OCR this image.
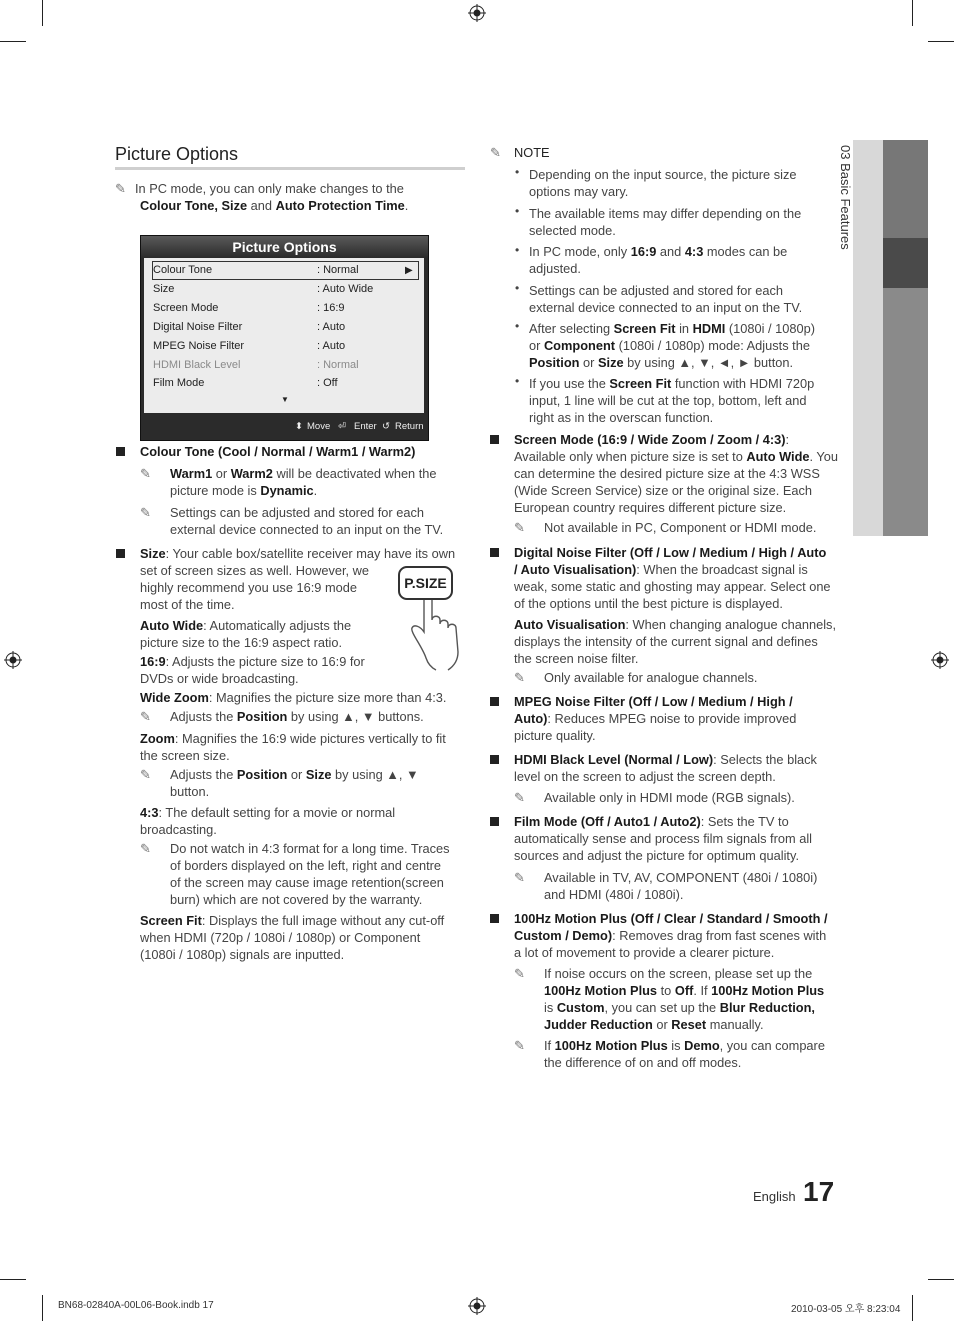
03 Basic Features
Picture Options
✎ In PC mode, you can only make changes to the
Colour Tone, Size and Auto Protection Time.
Picture Options
Colour Tone	: Normal	▶
Size	: Auto Wide
Screen Mode	: 16:9
Digital Noise Filter	: Auto
MPEG Noise Filter	: Auto
HDMI Black Level	: Normal
Film Mode	: Off
▼
⬍ Move ⏎ Enter ↺ Return
Colour Tone (Cool / Normal / Warm1 / Warm2)
✎ Warm1 or Warm2 will be deactivated when the
picture mode is Dynamic.
✎ Settings can be adjusted and stored for each
external device connected to an input on the TV.
Size: Your cable box/satellite receiver may have its own
set of screen sizes as well. However, we
highly recommend you use 16:9 mode
most of the time.
P.SIZE
Auto Wide: Automatically adjusts the
picture size to the 16:9 aspect ratio.
16:9: Adjusts the picture size to 16:9 for
DVDs or wide broadcasting.
Wide Zoom: Magnifies the picture size more than 4:3.
✎ Adjusts the Position by using ▲, ▼ buttons.
Zoom: Magnifies the 16:9 wide pictures vertically to fit
the screen size.
✎ Adjusts the Position or Size by using ▲, ▼
button.
4:3: The default setting for a movie or normal
broadcasting.
✎ Do not watch in 4:3 format for a long time. Traces
of borders displayed on the left, right and centre
of the screen may cause image retention(screen
burn) which are not covered by the warranty.
Screen Fit: Displays the full image without any cut-off
when HDMI (720p / 1080i / 1080p) or Component
(1080i / 1080p) signals are inputted.
✎ NOTE
• Depending on the input source, the picture size
options may vary.
• The available items may differ depending on the
selected mode.
• In PC mode, only 16:9 and 4:3 modes can be
adjusted.
• Settings can be adjusted and stored for each
external device connected to an input on the TV.
• After selecting Screen Fit in HDMI (1080i / 1080p)
or Component (1080i / 1080p) mode: Adjusts the
Position or Size by using ▲, ▼, ◄, ► button.
• If you use the Screen Fit function with HDMI 720p
input, 1 line will be cut at the top, bottom, left and
right as in the overscan function.
Screen Mode (16:9 / Wide Zoom / Zoom / 4:3):
Available only when picture size is set to Auto Wide. You
can determine the desired picture size at the 4:3 WSS
(Wide Screen Service) size or the original size. Each
European country requires different picture size.
✎ Not available in PC, Component or HDMI mode.
Digital Noise Filter (Off / Low / Medium / High / Auto
/ Auto Visualisation): When the broadcast signal is
weak, some static and ghosting may appear. Select one
of the options until the best picture is displayed.
Auto Visualisation: When changing analogue channels,
displays the intensity of the current signal and defines
the screen noise filter.
✎ Only available for analogue channels.
MPEG Noise Filter (Off / Low / Medium / High /
Auto): Reduces MPEG noise to provide improved
picture quality.
HDMI Black Level (Normal / Low): Selects the black
level on the screen to adjust the screen depth.
✎ Available only in HDMI mode (RGB signals).
Film Mode (Off / Auto1 / Auto2): Sets the TV to
automatically sense and process film signals from all
sources and adjust the picture for optimum quality.
✎ Available in TV, AV, COMPONENT (480i / 1080i)
and HDMI (480i / 1080i).
100Hz Motion Plus (Off / Clear / Standard / Smooth /
Custom / Demo): Removes drag from fast scenes with
a lot of movement to provide a clearer picture.
✎ If noise occurs on the screen, please set up the
100Hz Motion Plus to Off. If 100Hz Motion Plus
is Custom, you can set up the Blur Reduction,
Judder Reduction or Reset manually.
✎ If 100Hz Motion Plus is Demo, you can compare
the difference of on and off modes.
English 17
BN68-02840A-00L06-Book.indb 17	2010-03-05 오후 8:23:04
